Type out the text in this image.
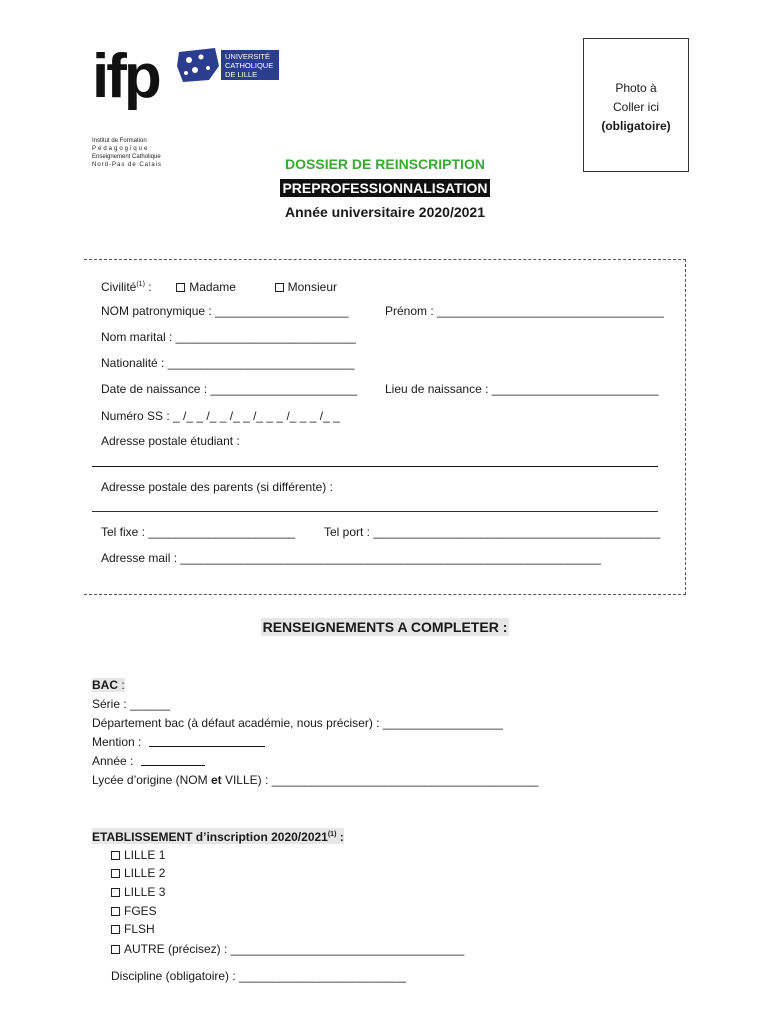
ifp
Institut de Formation
Pédagogique
Enseignement Catholique
Nord-Pas de Calais
UNIVERSITÉ
CATHOLIQUE
DE LILLE
Photo à
Coller ici
(obligatoire)
DOSSIER DE REINSCRIPTION
PREPROFESSIONNALISATION
Année universitaire 2020/2021
Civilité$^{(1)}$ :	Madame	Monsieur
NOM patronymique : ____________________	Prénom : __________________________________
Nom marital : ___________________________
Nationalité : ____________________________
Date de naissance : ______________________ Lieu de naissance : _________________________
Numéro SS : _ /_ _ /_ _ /_ _ /_ _ _ /_ _ _ /_ _
Adresse postale étudiant :
Adresse postale des parents (si différente) :
Tel fixe : ______________________ Tel port : ___________________________________________
Adresse mail : _______________________________________________________________
RENSEIGNEMENTS A COMPLETER :
BAC :
Série : ______
Département bac (à défaut académie, nous préciser) : __________________
Mention :
Année :
Lycée d’origine (NOM et VILLE) : ________________________________________
ETABLISSEMENT d’inscription 2020/2021$^{(1)}$ :
LILLE 1
LILLE 2
LILLE 3
FGES
FLSH
AUTRE (précisez) : ___________________________________
Discipline (obligatoire) : _________________________
